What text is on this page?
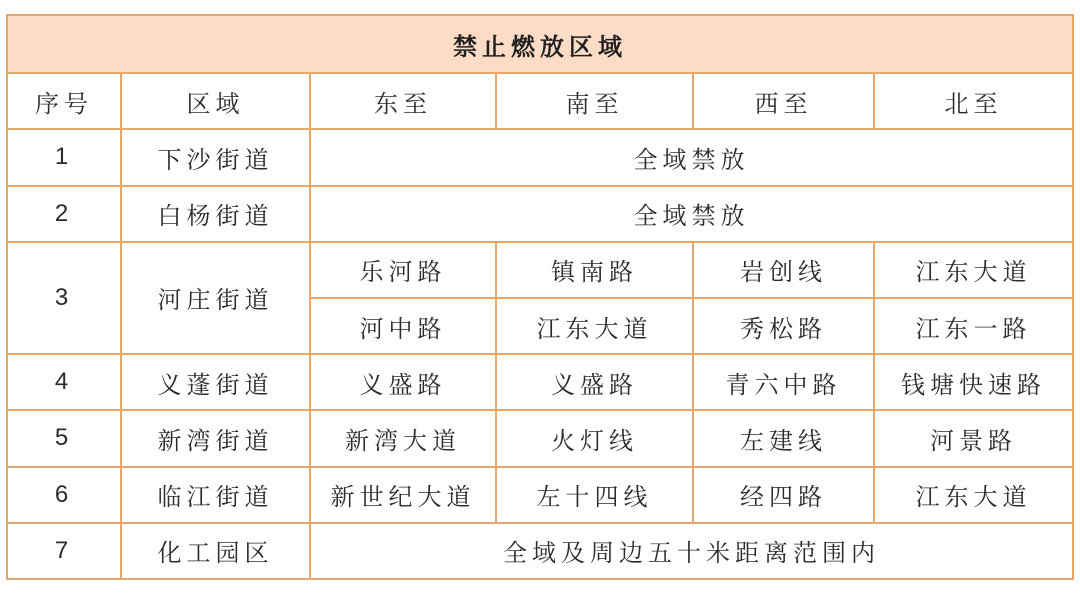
禁止燃放区域					
序号	区域	东至	南至	西至	北至
1	下沙街道	全域禁放			
2	白杨街道	全域禁放			
3	河庄街道	乐河路	镇南路	岩创线	江东大道
		河中路	江东大道	秀松路	江东一路
4	义蓬街道	义盛路	义盛路	青六中路	钱塘快速路
5	新湾街道	新湾大道	火灯线	左建线	河景路
6	临江街道	新世纪大道	左十四线	经四路	江东大道
7	化工园区	全域及周边五十米距离范围内			
